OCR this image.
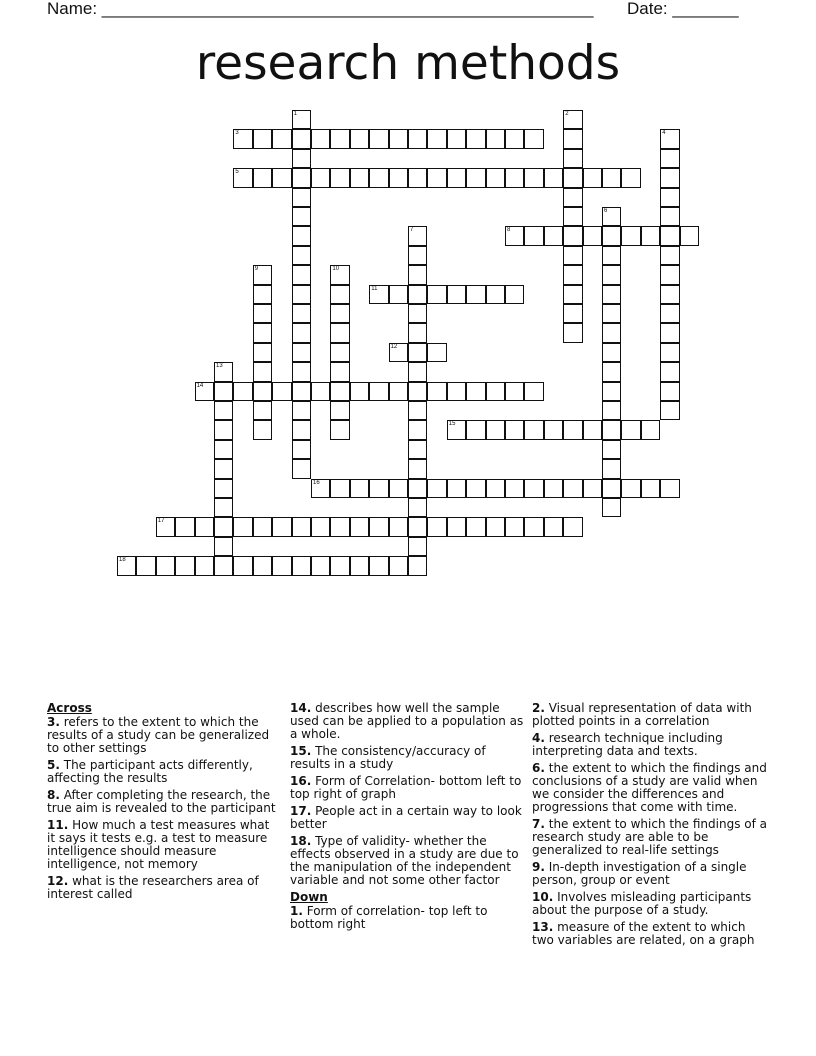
Name: ____________________________________________________ Date: _______
research methods
1	2
3	4
5
6
7	8
9	10
11
12
13
14
15
16
17
18
Across
3. refers to the extent to which the results of a study can be generalized to other settings
5. The participant acts differently, affecting the results
8. After completing the research, the true aim is revealed to the participant
11. How much a test measures what it says it tests e.g. a test to measure intelligence should measure intelligence, not memory
12. what is the researchers area of interest called
14. describes how well the sample used can be applied to a population as a whole.
15. The consistency/accuracy of results in a study
16. Form of Correlation- bottom left to top right of graph
17. People act in a certain way to look better
18. Type of validity- whether the effects observed in a study are due to the manipulation of the independent variable and not some other factor
Down
1. Form of correlation- top left to bottom right
2. Visual representation of data with plotted points in a correlation
4. research technique including interpreting data and texts.
6. the extent to which the findings and conclusions of a study are valid when we consider the differences and progressions that come with time.
7. the extent to which the findings of a research study are able to be generalized to real-life settings
9. In-depth investigation of a single person, group or event
10. Involves misleading participants about the purpose of a study.
13. measure of the extent to which two variables are related, on a graph
